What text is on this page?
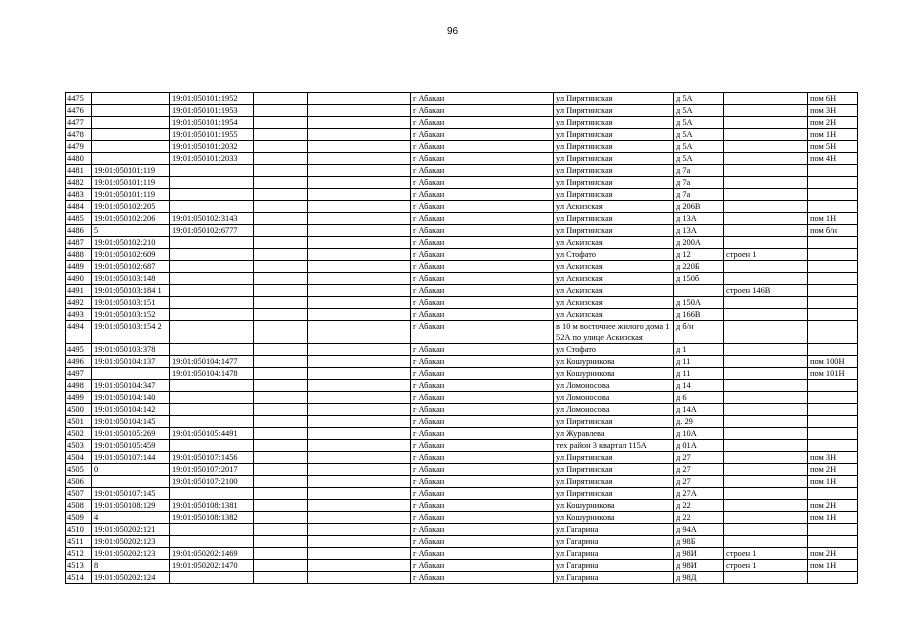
96
4475		19:01:050101:1952			г Абакан	ул Пирятинская	д 5А		пом 6Н
4476		19:01:050101:1953			г Абакан	ул Пирятинская	д 5А		пом 3Н
4477		19:01:050101:1954			г Абакан	ул Пирятинская	д 5А		пом 2Н
4478		19:01:050101:1955			г Абакан	ул Пирятинская	д 5А		пом 1Н
4479		19:01:050101:2032			г Абакан	ул Пирятинская	д 5А		пом 5Н
4480		19:01:050101:2033			г Абакан	ул Пирятинская	д 5А		пом 4Н
4481	19:01:050101:119				г Абакан	ул Пирятинская	д 7а		
4482	19:01:050101:119				г Абакан	ул Пирятинская	д 7а		
4483	19:01:050101:119				г Абакан	ул Пирятинская	д 7а		
4484	19:01:050102:205				г Абакан	ул Аскизская	д 206В		
4485	19:01:050102:206	19:01:050102:3143			г Абакан	ул Пирятинская	д 13А		пом 1Н
4486	5	19:01:050102:6777			г Абакан	ул Пирятинская	д 13А		пом б/н
4487	19:01:050102:210				г Абакан	ул Аскизская	д 200А		
4488	19:01:050102:609				г Абакан	ул Стофато	д 12	строен 1	
4489	19:01:050102:687				г Абакан	ул Аскизская	д 220Б		
4490	19:01:050103:148				г Абакан	ул Аскизская	д 150б		
4491	19:01:050103:184 1				г Абакан	ул Аскизская		строен 146В	
4492	19:01:050103:151				г Абакан	ул Аскизская	д 150А		
4493	19:01:050103:152				г Абакан	ул Аскизская	д 166В		
4494	19:01:050103:154 2				г Абакан	в 10 м восточнее жилого дома 152А по улице Аскизская	д б/н		
4495	19:01:050103:378				г Абакан	ул Стофато	д 1		
4496	19:01:050104:137	19:01:050104:1477			г Абакан	ул Кошурникова	д 11		пом 100Н
4497		19:01:050104:1478			г Абакан	ул Кошурникова	д 11		пом 101Н
4498	19:01:050104:347				г Абакан	ул Ломоносова	д 14		
4499	19:01:050104:140				г Абакан	ул Ломоносова	д 6		
4500	19:01:050104:142				г Абакан	ул Ломоносова	д 14А		
4501	19:01:050104:145				г Абакан	ул Пирятинская	д. 29		
4502	19:01:050105:269	19:01:050105:4491			г Абакан	ул Журавлева	д 10А		
4503	19:01:050105:459				г Абакан	тех район 3 квартал 115А	д 01А		
4504	19:01:050107:144	19:01:050107:1456			г Абакан	ул Пирятинская	д 27		пом 3Н
4505	0	19:01:050107:2017			г Абакан	ул Пирятинская	д 27		пом 2Н
4506		19:01:050107:2100			г Абакан	ул Пирятинская	д 27		пом 1Н
4507	19:01:050107:145				г Абакан	ул Пирятинская	д 27А		
4508	19:01:050108:129	19:01:050108:1381			г Абакан	ул Кошурникова	д 22		пом 2Н
4509	4	19:01:050108:1382			г Абакан	ул Кошурникова	д 22		пом 1Н
4510	19:01:050202:121				г Абакан	ул Гагарина	д 94А		
4511	19:01:050202:123				г Абакан	ул Гагарина	д 98Б		
4512	19:01:050202:123	19:01:050202:1469			г Абакан	ул Гагарина	д 98И	строен 1	пом 2Н
4513	8	19:01:050202:1470			г Абакан	ул Гагарина	д 98И	строен 1	пом 1Н
4514	19:01:050202:124				г Абакан	ул Гагарина	д 98Д		
